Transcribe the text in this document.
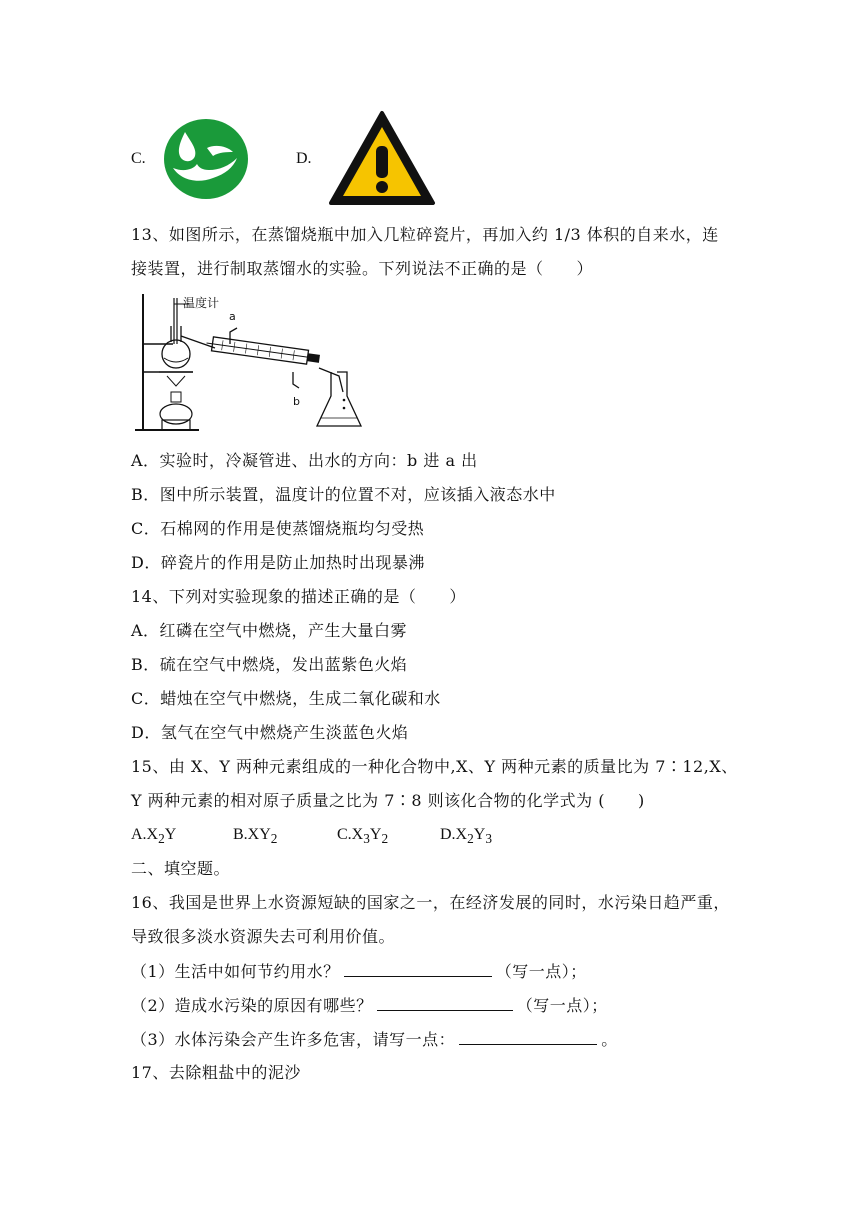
C.	D.
13、如图所示，在蒸馏烧瓶中加入几粒碎瓷片，再加入约 1/3 体积的自来水，连
接装置，进行制取蒸馏水的实验。下列说法不正确的是（　　）
温度计
a
b
A．实验时，冷凝管进、出水的方向：b 进 a 出
B．图中所示装置，温度计的位置不对，应该插入液态水中
C．石棉网的作用是使蒸馏烧瓶均匀受热
D．碎瓷片的作用是防止加热时出现暴沸
14、下列对实验现象的描述正确的是（　　）
A．红磷在空气中燃烧，产生大量白雾
B．硫在空气中燃烧，发出蓝紫色火焰
C．蜡烛在空气中燃烧，生成二氧化碳和水
D．氢气在空气中燃烧产生淡蓝色火焰
15、由 X、Y 两种元素组成的一种化合物中,X、Y 两种元素的质量比为 7∶12,X、
Y 两种元素的相对原子质量之比为 7∶8 则该化合物的化学式为 (　　)
$A.X_2Y$	$B.XY_2$	$C.X_3Y_2$	$D.X_2Y_3$
二、填空题。
16、我国是世界上水资源短缺的国家之一，在经济发展的同时，水污染日趋严重，
导致很多淡水资源失去可利用价值。
（1）生活中如何节约用水？	（写一点）；
（2）造成水污染的原因有哪些？	（写一点）；
（3）水体污染会产生许多危害，请写一点：	。
17、去除粗盐中的泥沙
